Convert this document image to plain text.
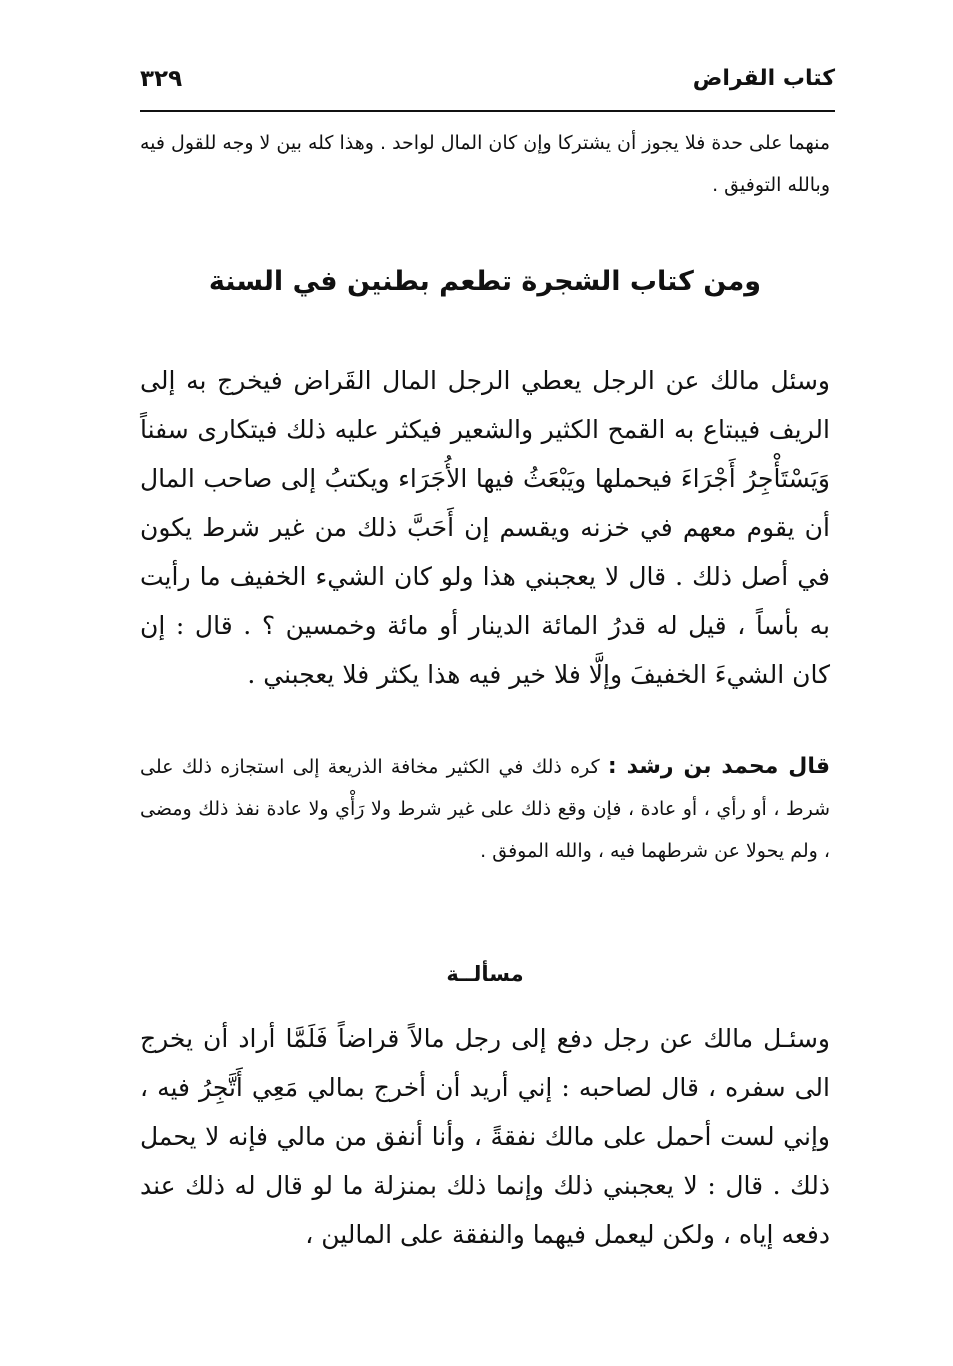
٣٢٩	كتاب القراض

منهما على حدة فلا يجوز أن يشتركا وإن كان المال لواحد . وهذا كله بين لا وجه للقول فيه وبالله التوفيق .

ومن كتاب الشجرة تطعم بطنين في السنة

وسئل مالك عن الرجل يعطي الرجل المال القَراض فيخرج به إلى الريف فيبتاع به القمح الكثير والشعير فيكثر عليه ذلك فيتكارى سفناً وَيَسْتَأْجِرُ أَجْرَاءَ فيحملها ويَبْعَثُ فيها الأُجَرَاء ويكتبُ إلى صاحب المال أن يقوم معهم في خزنه ويقسم إن أَحَبَّ ذلك من غير شرط يكون في أصل ذلك . قال لا يعجبني هذا ولو كان الشيء الخفيف ما رأيت به بأساً ، قيل له قدرُ المائة الدينار أو مائة وخمسين ؟ . قال : إن كان الشيءَ الخفيفَ وإلَّا فلا خير فيه هذا يكثر فلا يعجبني .

قال محمد بن رشد : كره ذلك في الكثير مخافة الذريعة إلى استجازه ذلك على شرط ، أو رأي ، أو عادة ، فإن وقع ذلك على غير شرط ولا رَأْي ولا عادة نفذ ذلك ومضى ، ولم يحولا عن شرطهما فيه ، والله الموفق .

مسألــة

وسئـل مالك عن رجل دفع إلى رجل مالاً قراضاً فَلَمَّا أراد أن يخرج الى سفره ، قال لصاحبه : إني أريد أن أخرج بمالي مَعِي أَتَّجِرُ فيه ، وإني لست أحمل على مالك نفقةً ، وأنا أنفق من مالي فإنه لا يحمل ذلك . قال : لا يعجبني ذلك وإنما ذلك بمنزلة ما لو قال له ذلك عند دفعه إياه ، ولكن ليعمل فيهما والنفقة على المالين ،
